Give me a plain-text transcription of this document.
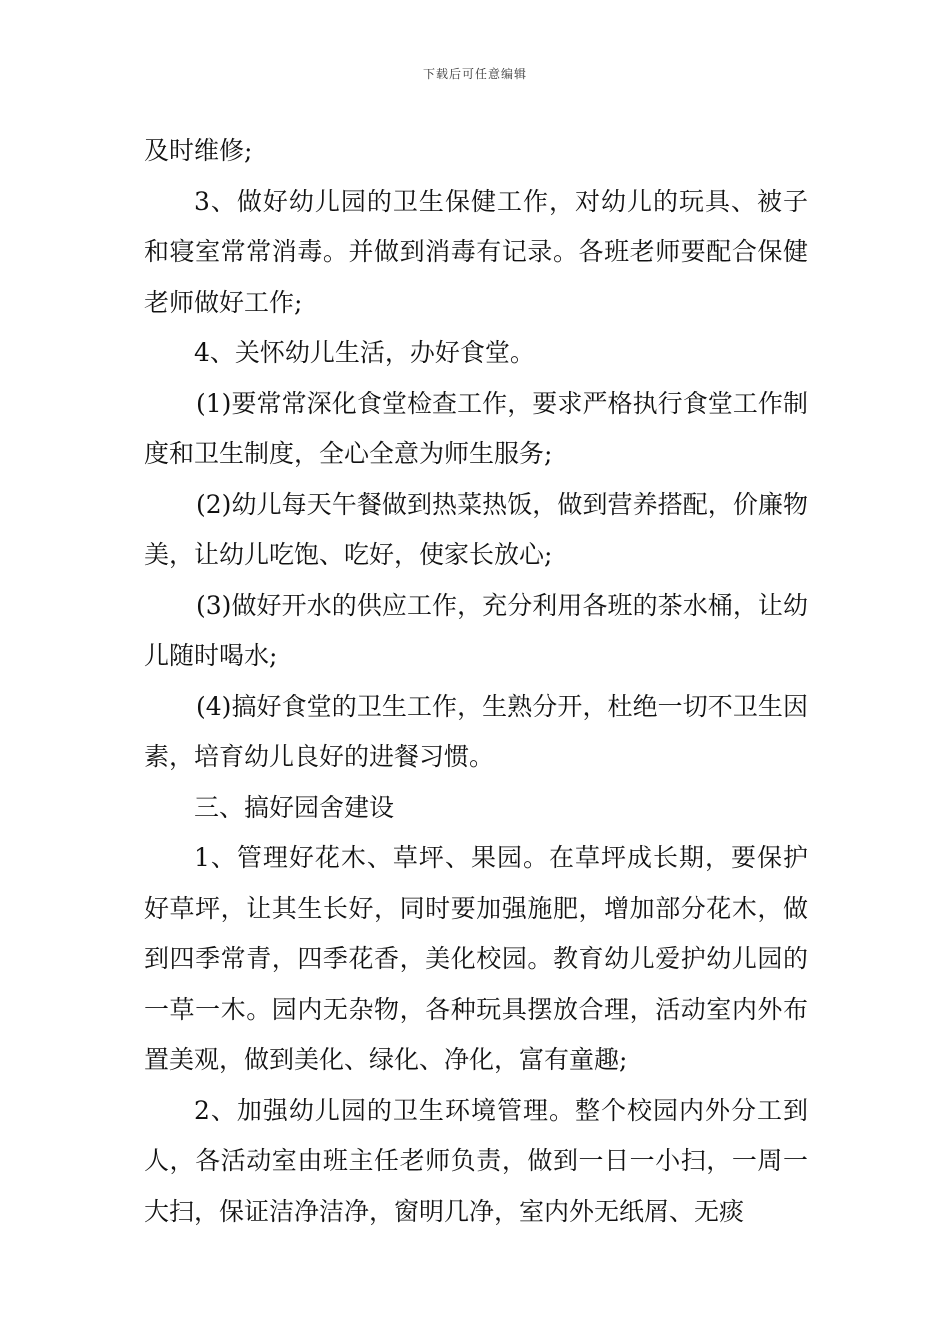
下载后可任意编辑

及时维修;

3、做好幼儿园的卫生保健工作，对幼儿的玩具、被子和寝室常常消毒。并做到消毒有记录。各班老师要配合保健老师做好工作;

4、关怀幼儿生活，办好食堂。

(1)要常常深化食堂检查工作，要求严格执行食堂工作制度和卫生制度，全心全意为师生服务;

(2)幼儿每天午餐做到热菜热饭，做到营养搭配，价廉物美，让幼儿吃饱、吃好，使家长放心;

(3)做好开水的供应工作，充分利用各班的茶水桶，让幼儿随时喝水;

(4)搞好食堂的卫生工作，生熟分开，杜绝一切不卫生因素，培育幼儿良好的进餐习惯。

三、搞好园舍建设

1、管理好花木、草坪、果园。在草坪成长期，要保护好草坪，让其生长好，同时要加强施肥，增加部分花木，做到四季常青，四季花香，美化校园。教育幼儿爱护幼儿园的一草一木。园内无杂物，各种玩具摆放合理，活动室内外布置美观，做到美化、绿化、净化，富有童趣;

2、加强幼儿园的卫生环境管理。整个校园内外分工到人，各活动室由班主任老师负责，做到一日一小扫，一周一大扫，保证洁净洁净，窗明几净，室内外无纸屑、无痰
